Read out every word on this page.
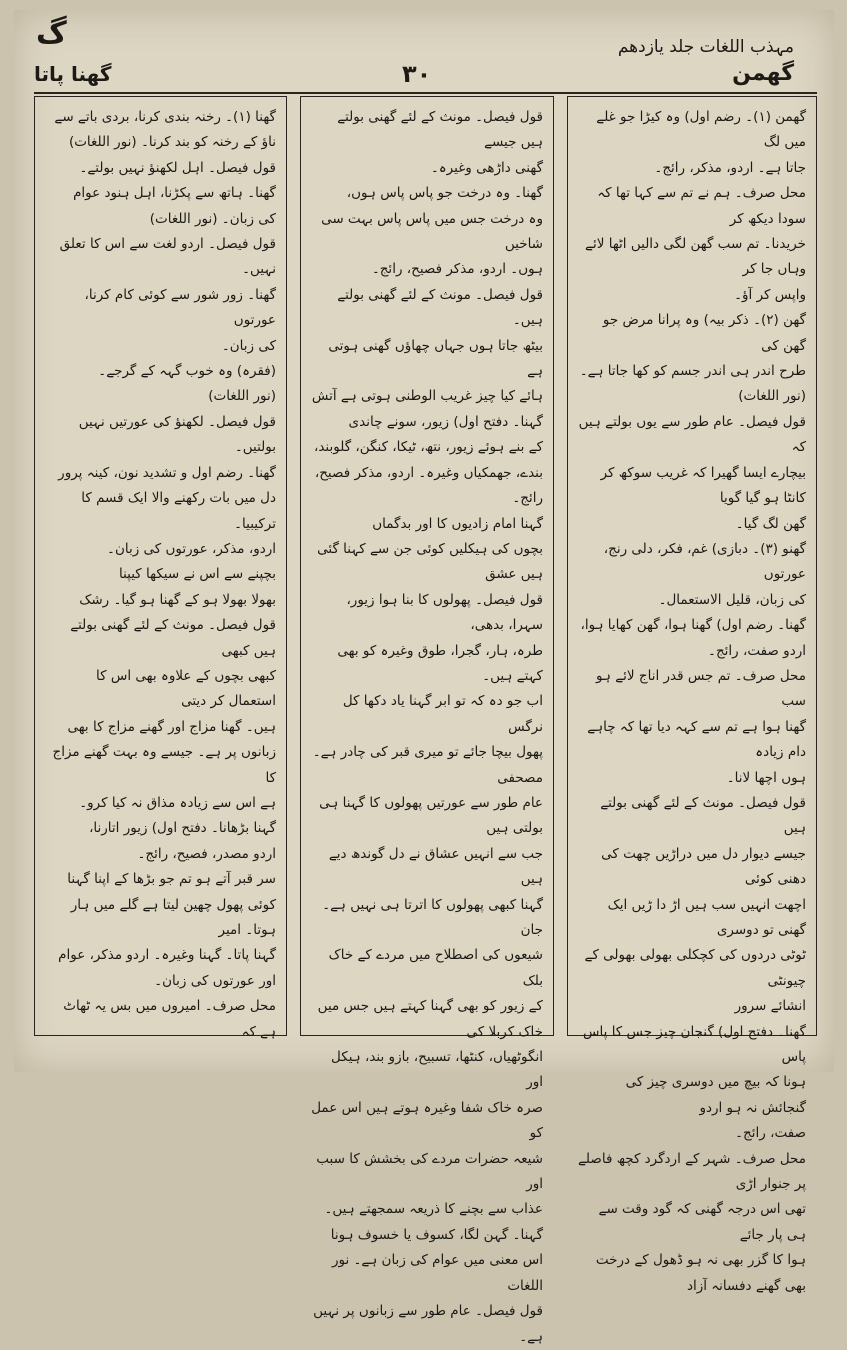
گ	مہذب اللغات جلد یازدھم
گھمن
۳۰
گھنا پاتا

گھمن (۱)۔ رضم اول) وہ کیڑا جو غلے میں لگ

جاتا ہے۔ اردو، مذکر، رائج۔

محل صرف۔ ہم نے تم سے کہا تھا کہ سودا دیکھ کر

خریدنا۔ تم سب گھن لگی دالیں اٹھا لائے وہاں جا کر

واپس کر آؤ۔

گھن (۲)۔ ذکر بیہ) وہ پرانا مرض جو گھن کی

طرح اندر ہی اندر جسم کو کھا جاتا ہے۔

(نور اللغات)

قول فیصل۔ عام طور سے یوں بولتے ہیں کہ

بیچارے ایسا گھیرا کہ غریب سوکھ کر کانٹا ہو گیا گویا

گھن لگ گیا۔

گھنو (۳)۔ دبازی) غم، فکر، دلی رنج، عورتوں

کی زبان، قلیل الاستعمال۔

گھنا۔ رضم اول) گھنا ہوا، گھن کھایا ہوا،

اردو صفت، رائج۔

محل صرف۔ تم جس قدر اناج لائے ہو سب

گھنا ہوا ہے تم سے کہہ دیا تھا کہ چاہے دام زیادہ

ہوں اچھا لانا۔

قول فیصل۔ مونث کے لئے گھنی بولتے ہیں

جیسے دیوار دل میں دراڑیں چھت کی دھنی کوئی

اچھت انہیں سب ہیں اڑ دا ڑیں ایک گھنی تو دوسری

ٹوٹی دردوں کی کچکلی بھولی بھولی کے چیونٹی

انشائے سرور

گھنا۔ دفتح اول) گنجان چیز جس کا پاس پاس

ہونا کہ بیچ میں دوسری چیز کی گنجائش نہ ہو اردو

صفت، رائج۔

محل صرف۔ شہر کے اردگرد کچھ فاصلے پر جنوار اڑی

تھی اس درجہ گھنی کہ گود وقت سے ہی پار جائے

ہوا کا گزر بھی نہ ہو ڈھول کے درخت بھی گھنے دفسانہ آزاد

قول فیصل۔ مونث کے لئے گھنی بولتے ہیں جیسے

گھنی داڑھی وغیرہ۔

گھنا۔ وہ درخت جو پاس پاس ہوں،

وہ درخت جس میں پاس پاس بہت سی شاخیں

ہوں۔ اردو، مذکر فصیح، رائج۔

قول فیصل۔ مونث کے لئے گھنی بولتے ہیں۔

بیٹھ جاتا ہوں جہاں چھاؤں گھنی ہوتی ہے

ہائے کیا چیز غریب الوطنی ہوتی ہے آتش

گہنا۔ دفتح اول) زیور، سونے چاندی

کے بنے ہوئے زیور، نتھ، ٹیکا، کنگن، گلوبند،

بندے، جھمکیاں وغیرہ۔ اردو، مذکر فصیح، رائج۔

گہنا امام زادیوں کا اور بدگماں

بچوں کی ہیکلیں کوئی جن سے کہنا گئی ہیں عشق

قول فیصل۔ پھولوں کا بنا ہوا زیور، سہرا، بدھی،

طرہ، ہار، گجرا، طوق وغیرہ کو بھی کہتے ہیں۔

اب جو دہ کہ تو ابر گہنا یاد دکھا کل نرگس

پھول بیچا جائے تو میری قبر کی چادر ہے۔ مصحفی

عام طور سے عورتیں پھولوں کا گہنا ہی بولتی ہیں

جب سے انہیں عشاق نے دل گوندھ دیے ہیں

گہنا کبھی پھولوں کا اترتا ہی نہیں ہے۔ جان

شیعوں کی اصطلاح میں مردے کے خاک بلک

کے زیور کو بھی گہنا کہتے ہیں جس میں خاک کربلا کی

انگوٹھیاں، کنٹھا، تسبیح، بازو بند، ہیکل اور

صرہ خاک شفا وغیرہ ہوتے ہیں اس عمل کو

شیعہ حضرات مردے کی بخشش کا سبب اور

عذاب سے بچنے کا ذریعہ سمجھتے ہیں۔

گہنا۔ گہن لگا، کسوف یا خسوف ہونا

اس معنی میں عوام کی زبان ہے۔ نور اللغات

قول فیصل۔ عام طور سے زبانوں پر نہیں ہے۔

گھنا (۱)۔ رخنہ بندی کرنا، بردی باتے سے

ناؤ کے رخنہ کو بند کرنا۔ (نور اللغات)

قول فیصل۔ اہل لکھنؤ نہیں بولتے۔

گھنا۔ ہاتھ سے پکڑنا، اہل ہنود عوام

کی زبان۔ (نور اللغات)

قول فیصل۔ اردو لغت سے اس کا تعلق

نہیں۔

گھنا۔ زور شور سے کوئی کام کرنا، عورتوں

کی زبان۔

(فقرہ) وہ خوب گہہ کے گرجے۔

(نور اللغات)

قول فیصل۔ لکھنؤ کی عورتیں نہیں بولتیں۔

گھنا۔ رضم اول و تشدید نون، کینہ پرور

دل میں بات رکھنے والا ایک قسم کا ترکیبیا۔

اردو، مذکر، عورتوں کی زبان۔

بچپنے سے اس نے سیکھا کیپنا

بھولا بھولا ہو کے گھنا ہو گیا۔ رشک

قول فیصل۔ مونث کے لئے گھنی بولتے ہیں کبھی

کبھی بچوں کے علاوہ بھی اس کا استعمال کر دیتی

ہیں۔ گھنا مزاج اور گھنے مزاج کا بھی

زبانوں پر ہے۔ جیسے وہ بہت گھنے مزاج کا

ہے اس سے زیادہ مذاق نہ کیا کرو۔

گہنا بڑھانا۔ دفتح اول) زیور اتارنا،

اردو مصدر، فصیح، رائج۔

سر قبر آتے ہو تم جو بڑھا کے اپنا گہنا

کوئی پھول چھین لیتا ہے گلے میں ہار ہوتا۔ امیر

گہنا پاتا۔ گہنا وغیرہ۔ اردو مذکر، عوام

اور عورتوں کی زبان۔

محل صرف۔ امیروں میں بس یہ ٹھاٹ ہے کہ
